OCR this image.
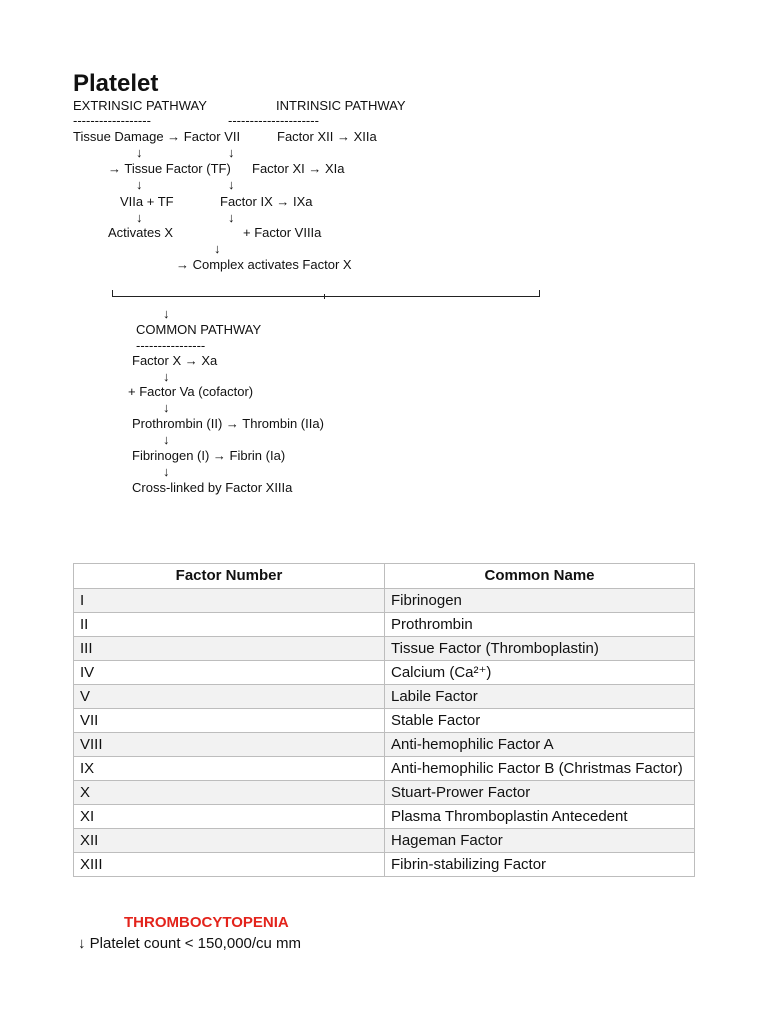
Platelet
EXTRINSIC PATHWAY	INTRINSIC PATHWAY
------------------	---------------------
Tissue Damage → Factor VII	Factor XII → XIIa
↓	↓
→ Tissue Factor (TF) Factor XI → XIa
↓	↓
VIIa + TF	Factor IX → IXa
↓	↓
Activates X	+ Factor VIIIa
↓
→ Complex activates Factor X
↓
COMMON PATHWAY
----------------
Factor X → Xa
↓
+ Factor Va (cofactor)
↓
Prothrombin (II) → Thrombin (IIa)
↓
Fibrinogen (I) → Fibrin (Ia)
↓
Cross-linked by Factor XIIIa
Factor Number	Common Name
I	Fibrinogen
II	Prothrombin
III	Tissue Factor (Thromboplastin)
IV	Calcium (Ca²⁺)
V	Labile Factor
VII	Stable Factor
VIII	Anti-hemophilic Factor A
IX	Anti-hemophilic Factor B (Christmas Factor)
X	Stuart-Prower Factor
XI	Plasma Thromboplastin Antecedent
XII	Hageman Factor
XIII	Fibrin-stabilizing Factor
THROMBOCYTOPENIA
↓ Platelet count < 150,000/cu mm
